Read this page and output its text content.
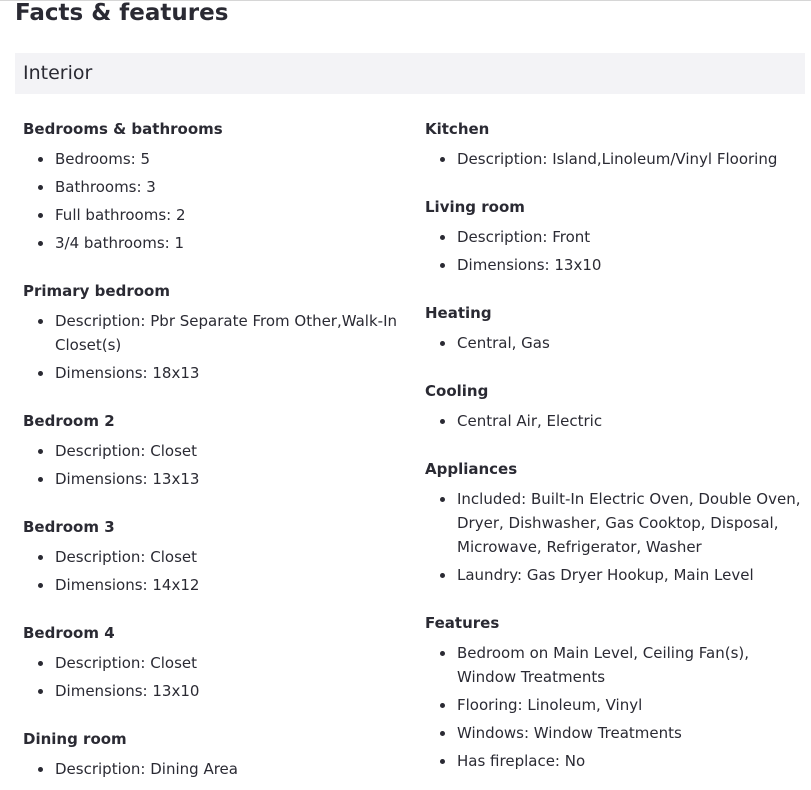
Facts & features
Interior
Bedrooms & bathrooms
Bedrooms: 5
Bathrooms: 3
Full bathrooms: 2
3/4 bathrooms: 1
Primary bedroom
Description: Pbr Separate From Other,Walk-In Closet(s)
Dimensions: 18x13
Bedroom 2
Description: Closet
Dimensions: 13x13
Bedroom 3
Description: Closet
Dimensions: 14x12
Bedroom 4
Description: Closet
Dimensions: 13x10
Dining room
Description: Dining Area
Kitchen
Description: Island,Linoleum/Vinyl Flooring
Living room
Description: Front
Dimensions: 13x10
Heating
Central, Gas
Cooling
Central Air, Electric
Appliances
Included: Built-In Electric Oven, Double Oven, Dryer, Dishwasher, Gas Cooktop, Disposal, Microwave, Refrigerator, Washer
Laundry: Gas Dryer Hookup, Main Level
Features
Bedroom on Main Level, Ceiling Fan(s), Window Treatments
Flooring: Linoleum, Vinyl
Windows: Window Treatments
Has fireplace: No
